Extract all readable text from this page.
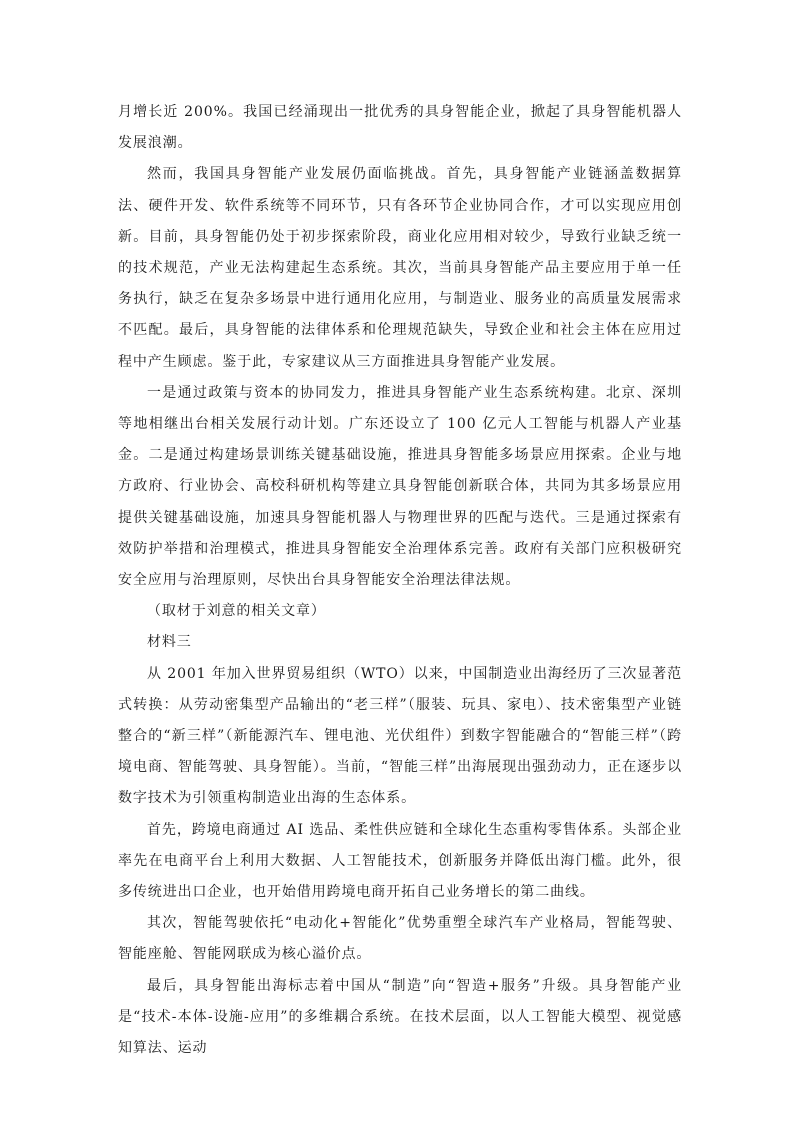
月增长近 200%。我国已经涌现出一批优秀的具身智能企业，掀起了具身智能机器人发展浪潮。

然而，我国具身智能产业发展仍面临挑战。首先，具身智能产业链涵盖数据算法、硬件开发、软件系统等不同环节，只有各环节企业协同合作，才可以实现应用创新。目前，具身智能仍处于初步探索阶段，商业化应用相对较少，导致行业缺乏统一的技术规范，产业无法构建起生态系统。其次，当前具身智能产品主要应用于单一任务执行，缺乏在复杂多场景中进行通用化应用，与制造业、服务业的高质量发展需求不匹配。最后，具身智能的法律体系和伦理规范缺失，导致企业和社会主体在应用过程中产生顾虑。鉴于此，专家建议从三方面推进具身智能产业发展。

一是通过政策与资本的协同发力，推进具身智能产业生态系统构建。北京、深圳等地相继出台相关发展行动计划。广东还设立了 100 亿元人工智能与机器人产业基金。二是通过构建场景训练关键基础设施，推进具身智能多场景应用探索。企业与地方政府、行业协会、高校科研机构等建立具身智能创新联合体，共同为其多场景应用提供关键基础设施，加速具身智能机器人与物理世界的匹配与迭代。三是通过探索有效防护举措和治理模式，推进具身智能安全治理体系完善。政府有关部门应积极研究安全应用与治理原则，尽快出台具身智能安全治理法律法规。

（取材于刘意的相关文章）

材料三

从 2001 年加入世界贸易组织（WTO）以来，中国制造业出海经历了三次显著范式转换：从劳动密集型产品输出的“老三样”（服装、玩具、家电）、技术密集型产业链整合的“新三样”（新能源汽车、锂电池、光伏组件）到数字智能融合的“智能三样”（跨境电商、智能驾驶、具身智能）。当前，“智能三样”出海展现出强劲动力，正在逐步以数字技术为引领重构制造业出海的生态体系。

首先，跨境电商通过 AI 选品、柔性供应链和全球化生态重构零售体系。头部企业率先在电商平台上利用大数据、人工智能技术，创新服务并降低出海门槛。此外，很多传统进出口企业，也开始借用跨境电商开拓自己业务增长的第二曲线。

其次，智能驾驶依托“电动化+智能化”优势重塑全球汽车产业格局，智能驾驶、智能座舱、智能网联成为核心溢价点。

最后，具身智能出海标志着中国从“制造”向“智造+服务”升级。具身智能产业是“技术-本体-设施-应用”的多维耦合系统。在技术层面，以人工智能大模型、视觉感知算法、运动
